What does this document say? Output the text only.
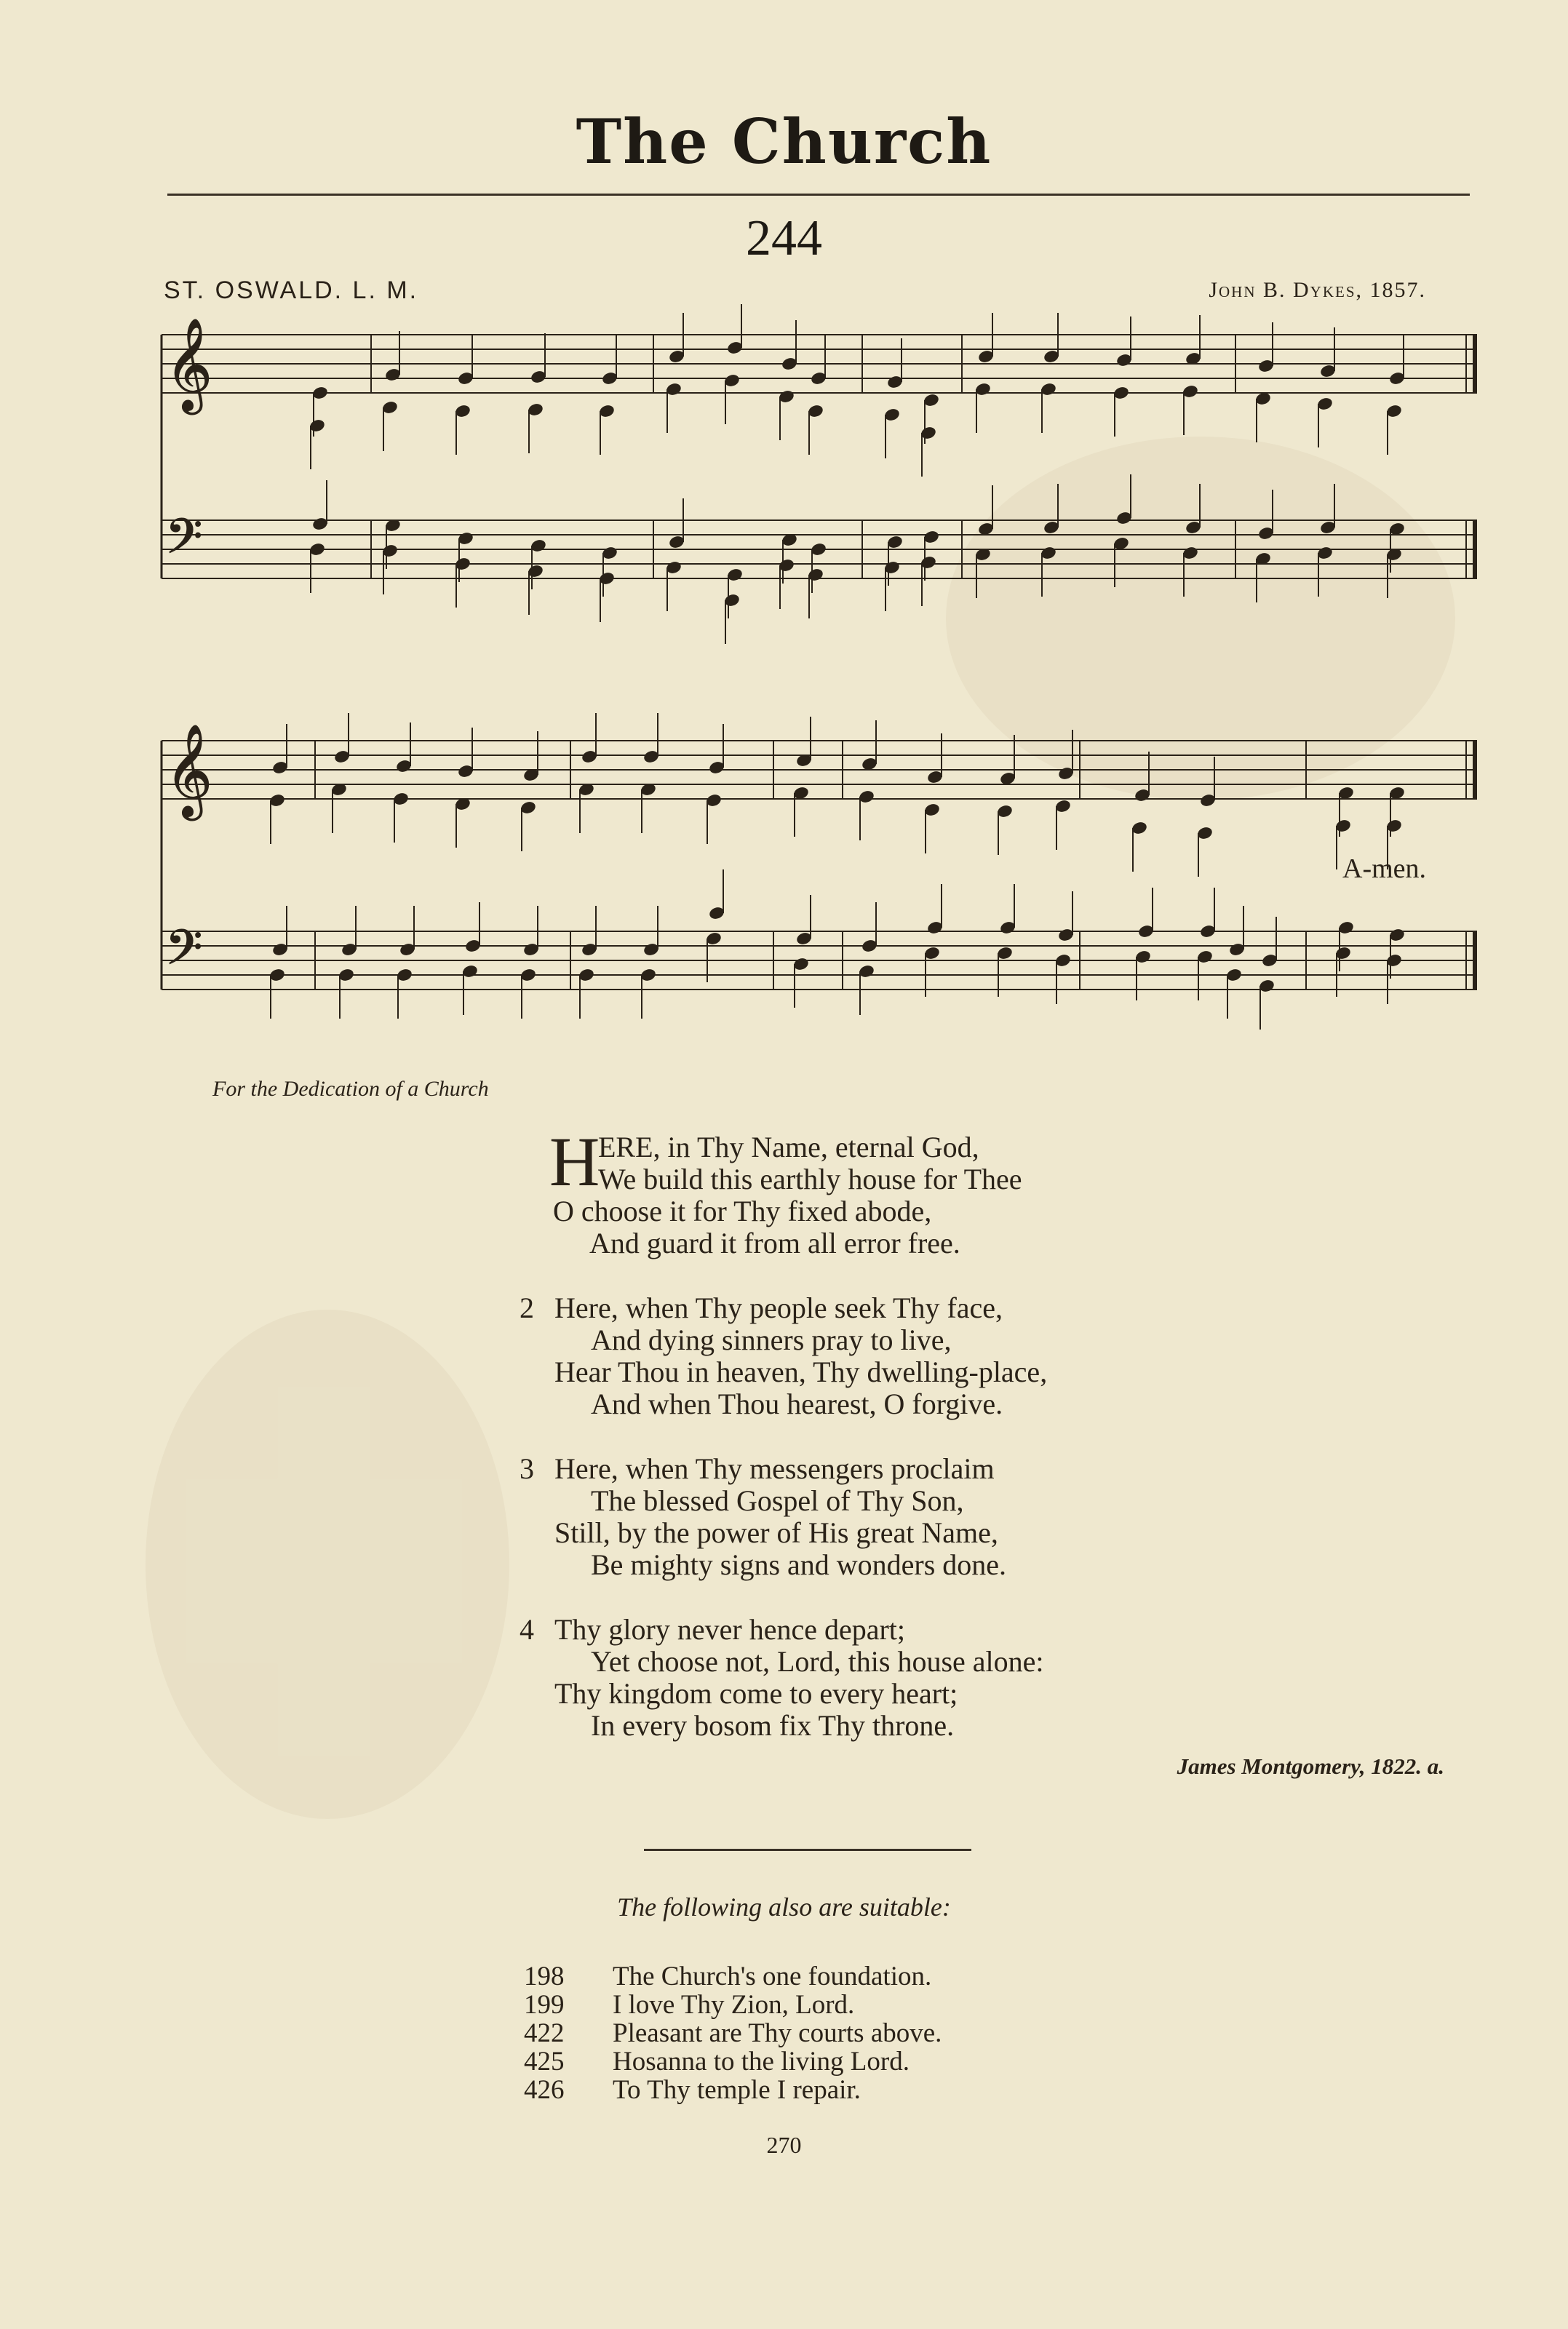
The Church
244
ST. OSWALD. L. M.	John B. Dykes, 1857.
𝄞
𝄢
𝄞
𝄢
A-men.
For the Dedication of a Church
H
ERE, in Thy Name, eternal God,
We build this earthly house for Thee
O choose it for Thy fixed abode,
And guard it from all error free.
2 Here, when Thy people seek Thy face,
And dying sinners pray to live,
Hear Thou in heaven, Thy dwelling-place,
And when Thou hearest, O forgive.
3 Here, when Thy messengers proclaim
The blessed Gospel of Thy Son,
Still, by the power of His great Name,
Be mighty signs and wonders done.
4 Thy glory never hence depart;
Yet choose not, Lord, this house alone:
Thy kingdom come to every heart;
In every bosom fix Thy throne.
James Montgomery, 1822. a.
The following also are suitable:
198	The Church's one foundation.
199	I love Thy Zion, Lord.
422	Pleasant are Thy courts above.
425	Hosanna to the living Lord.
426	To Thy temple I repair.
270
